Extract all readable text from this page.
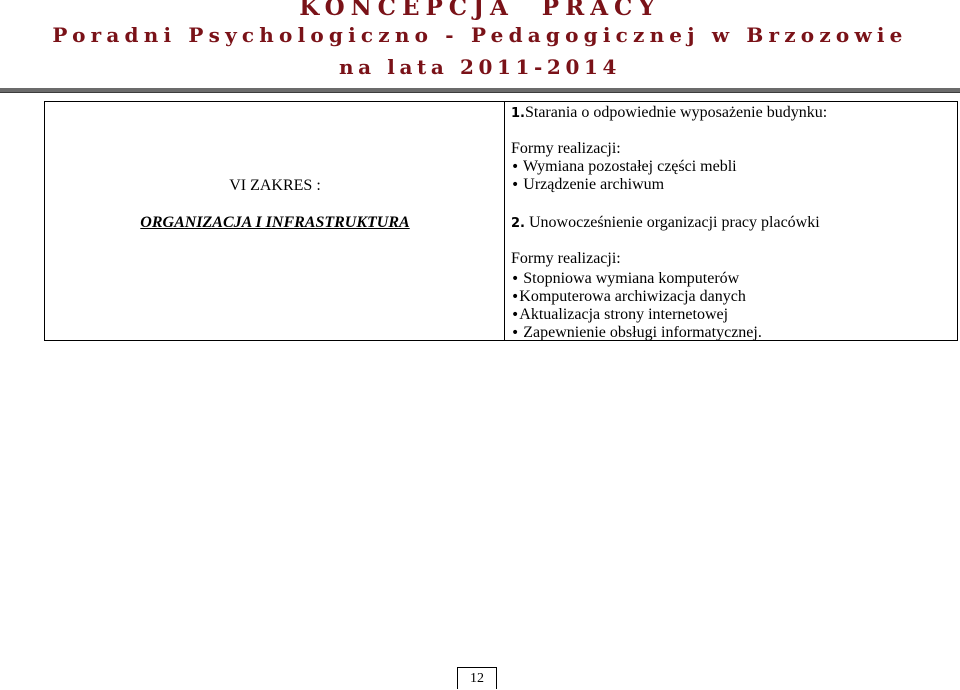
KONCEPCJA PRACY
Poradni Psychologiczno - Pedagogicznej w Brzozowie
na lata 2011-2014
VI ZAKRES :
ORGANIZACJA I INFRASTRUKTURA
1.Starania o odpowiednie wyposażenie budynku:
Formy realizacji:
• Wymiana pozostałej części mebli
• Urządzenie archiwum
2. Unowocześnienie organizacji pracy placówki
Formy realizacji:
• Stopniowa wymiana komputerów
•Komputerowa archiwizacja danych
•Aktualizacja strony internetowej
• Zapewnienie obsługi informatycznej.
12
